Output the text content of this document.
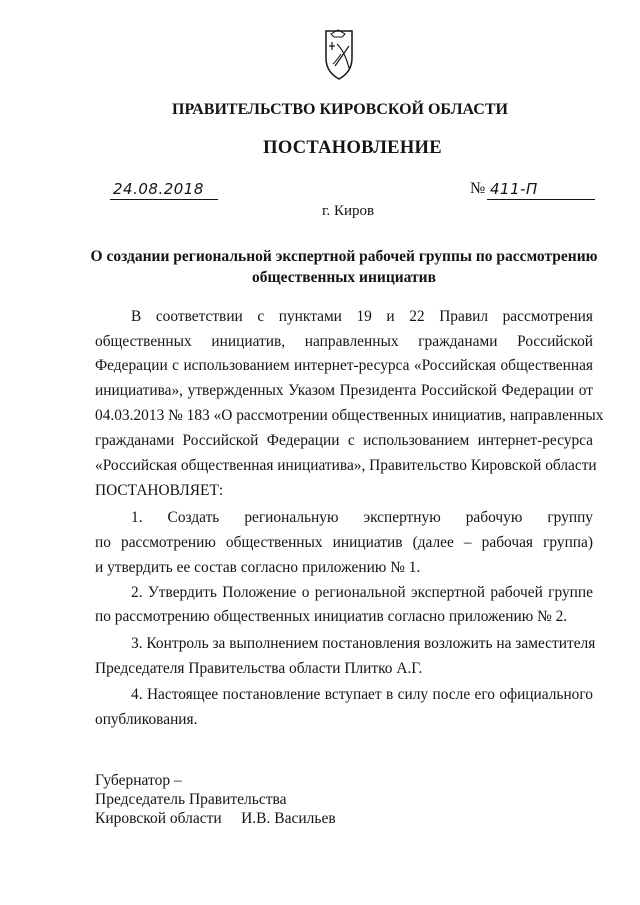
ПРАВИТЕЛЬСТВО КИРОВСКОЙ ОБЛАСТИ
ПОСТАНОВЛЕНИЕ
24.08.2018	№ 411-П
г. Киров
О создании региональной экспертной рабочей группы по рассмотрению
общественных инициатив
В соответствии с пунктами 19 и 22 Правил рассмотрения
общественных инициатив, направленных гражданами Российской
Федерации с использованием интернет-ресурса «Российская общественная
инициатива», утвержденных Указом Президента Российской Федерации от
04.03.2013 № 183 «О рассмотрении общественных инициатив, направленных
гражданами Российской Федерации с использованием интернет-ресурса
«Российская общественная инициатива», Правительство Кировской области
ПОСТАНОВЛЯЕТ:
1. Создать региональную экспертную рабочую группу
по рассмотрению общественных инициатив (далее – рабочая группа)
и утвердить ее состав согласно приложению № 1.
2. Утвердить Положение о региональной экспертной рабочей группе
по рассмотрению общественных инициатив согласно приложению № 2.
3. Контроль за выполнением постановления возложить на заместителя
Председателя Правительства области Плитко А.Г.
4. Настоящее постановление вступает в силу после его официального
опубликования.
Губернатор –
Председатель Правительства
Кировской области     И.В. Васильев
